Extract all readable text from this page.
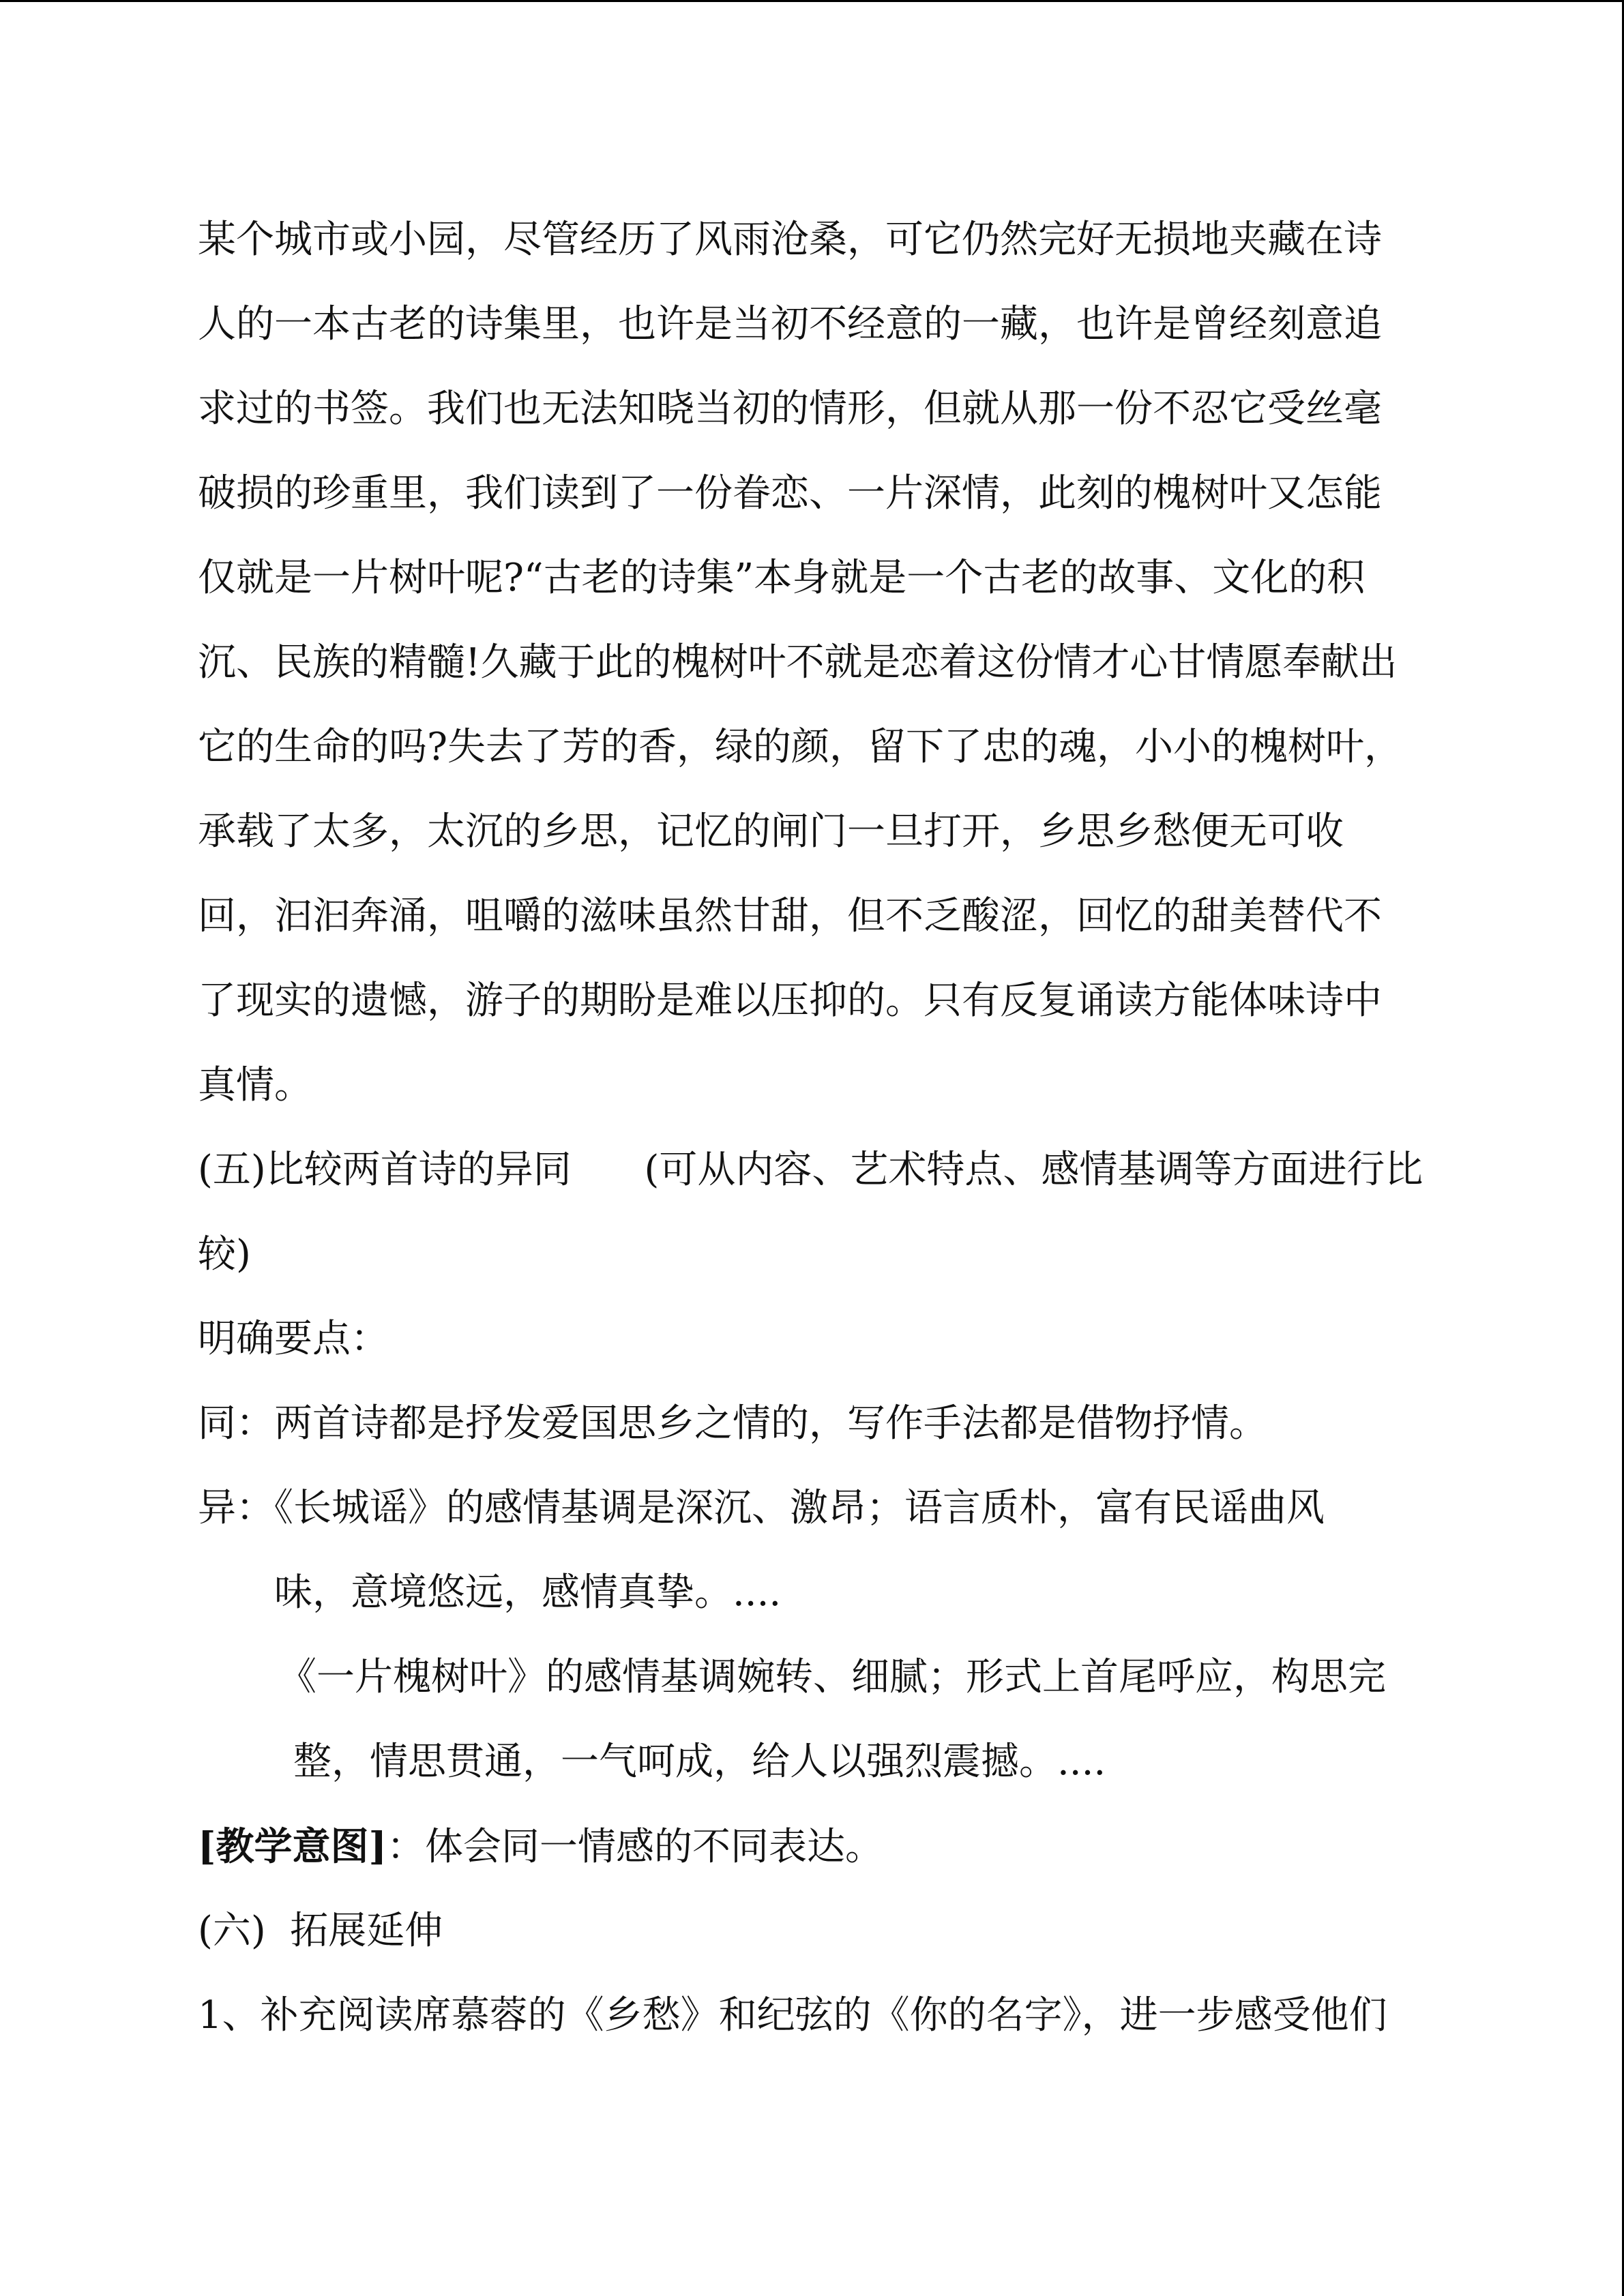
某个城市或小园，尽管经历了风雨沧桑，可它仍然完好无损地夹藏在诗
人的一本古老的诗集里，也许是当初不经意的一藏，也许是曾经刻意追
求过的书签。我们也无法知晓当初的情形，但就从那一份不忍它受丝毫
破损的珍重里，我们读到了一份眷恋、一片深情，此刻的槐树叶又怎能
仅就是一片树叶呢?“古老的诗集”本身就是一个古老的故事、文化的积
沉、民族的精髓!久藏于此的槐树叶不就是恋着这份情才心甘情愿奉献出
它的生命的吗?失去了芳的香，绿的颜，留下了忠的魂，小小的槐树叶，
承载了太多，太沉的乡思，记忆的闸门一旦打开，乡思乡愁便无可收
回，汩汩奔涌，咀嚼的滋味虽然甘甜，但不乏酸涩，回忆的甜美替代不
了现实的遗憾，游子的期盼是难以压抑的。只有反复诵读方能体味诗中
真情。
(五)比较两首诗的异同      (可从内容、艺术特点、感情基调等方面进行比
较)
明确要点：
同：两首诗都是抒发爱国思乡之情的，写作手法都是借物抒情。
异：《长城谣》的感情基调是深沉、激昂；语言质朴，富有民谣曲风
味，意境悠远，感情真挚。....
《一片槐树叶》的感情基调婉转、细腻；形式上首尾呼应，构思完
整，情思贯通，一气呵成，给人以强烈震撼。....
[教学意图]：体会同一情感的不同表达。
(六)  拓展延伸
1、补充阅读席慕蓉的《乡愁》和纪弦的《你的名字》，进一步感受他们
